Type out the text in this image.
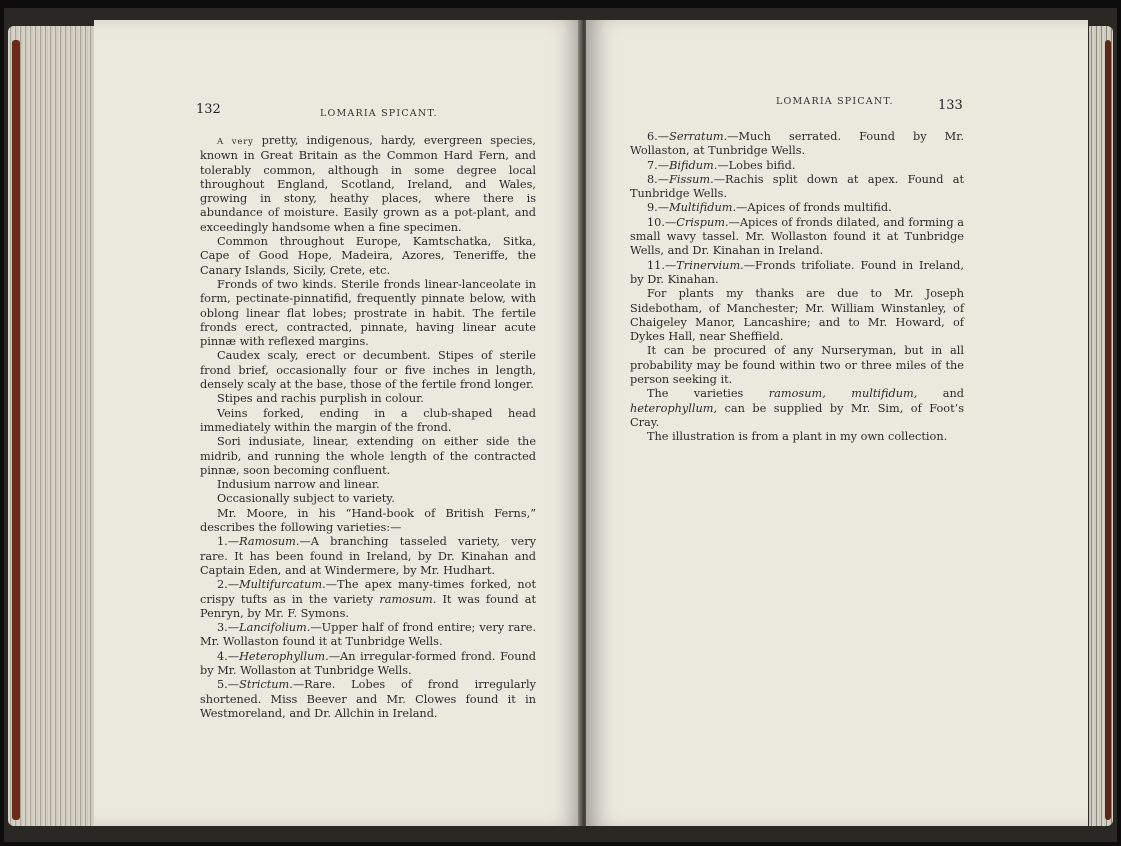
132	LOMARIA SPICANT.

A very pretty, indigenous, hardy, evergreen species, known in Great Britain as the Common Hard Fern, and tolerably common, although in some degree local throughout England, Scotland, Ireland, and Wales, growing in stony, heathy places, where there is abundance of moisture. Easily grown as a pot-plant, and exceedingly handsome when a fine specimen.

Common throughout Europe, Kamtschatka, Sitka, Cape of Good Hope, Madeira, Azores, Teneriffe, the Canary Islands, Sicily, Crete, etc.

Fronds of two kinds. Sterile fronds linear-lanceolate in form, pectinate-pinnatifid, frequently pinnate below, with oblong linear flat lobes; prostrate in habit. The fertile fronds erect, contracted, pinnate, having linear acute pinnæ with reflexed margins.

Caudex scaly, erect or decumbent. Stipes of sterile frond brief, occasionally four or five inches in length, densely scaly at the base, those of the fertile frond longer.

Stipes and rachis purplish in colour.

Veins forked, ending in a club-shaped head immediately within the margin of the frond.

Sori indusiate, linear, extending on either side the midrib, and running the whole length of the contracted pinnæ, soon becoming confluent.

Indusium narrow and linear.

Occasionally subject to variety.

Mr. Moore, in his “Hand-book of British Ferns,” describes the following varieties:—

1.—Ramosum.—A branching tasseled variety, very rare. It has been found in Ireland, by Dr. Kinahan and Captain Eden, and at Windermere, by Mr. Hudhart.

2.—Multifurcatum.—The apex many-times forked, not crispy tufts as in the variety ramosum. It was found at Penryn, by Mr. F. Symons.

3.—Lancifolium.—Upper half of frond entire; very rare. Mr. Wollaston found it at Tunbridge Wells.

4.—Heterophyllum.—An irregular-formed frond. Found by Mr. Wollaston at Tunbridge Wells.

5.—Strictum.—Rare. Lobes of frond irregularly shortened. Miss Beever and Mr. Clowes found it in Westmoreland, and Dr. Allchin in Ireland.

LOMARIA SPICANT.	133

6.—Serratum.—Much serrated. Found by Mr. Wollaston, at Tunbridge Wells.

7.—Bifidum.—Lobes bifid.

8.—Fissum.—Rachis split down at apex. Found at Tunbridge Wells.

9.—Multifidum.—Apices of fronds multifid.

10.—Crispum.—Apices of fronds dilated, and forming a small wavy tassel. Mr. Wollaston found it at Tunbridge Wells, and Dr. Kinahan in Ireland.

11.—Trinervium.—Fronds trifoliate. Found in Ireland, by Dr. Kinahan.

For plants my thanks are due to Mr. Joseph Sidebotham, of Manchester; Mr. William Winstanley, of Chaigeley Manor, Lancashire; and to Mr. Howard, of Dykes Hall, near Sheffield.

It can be procured of any Nurseryman, but in all probability may be found within two or three miles of the person seeking it.

The varieties ramosum, multifidum, and heterophyllum, can be supplied by Mr. Sim, of Foot’s Cray.

The illustration is from a plant in my own collection.
